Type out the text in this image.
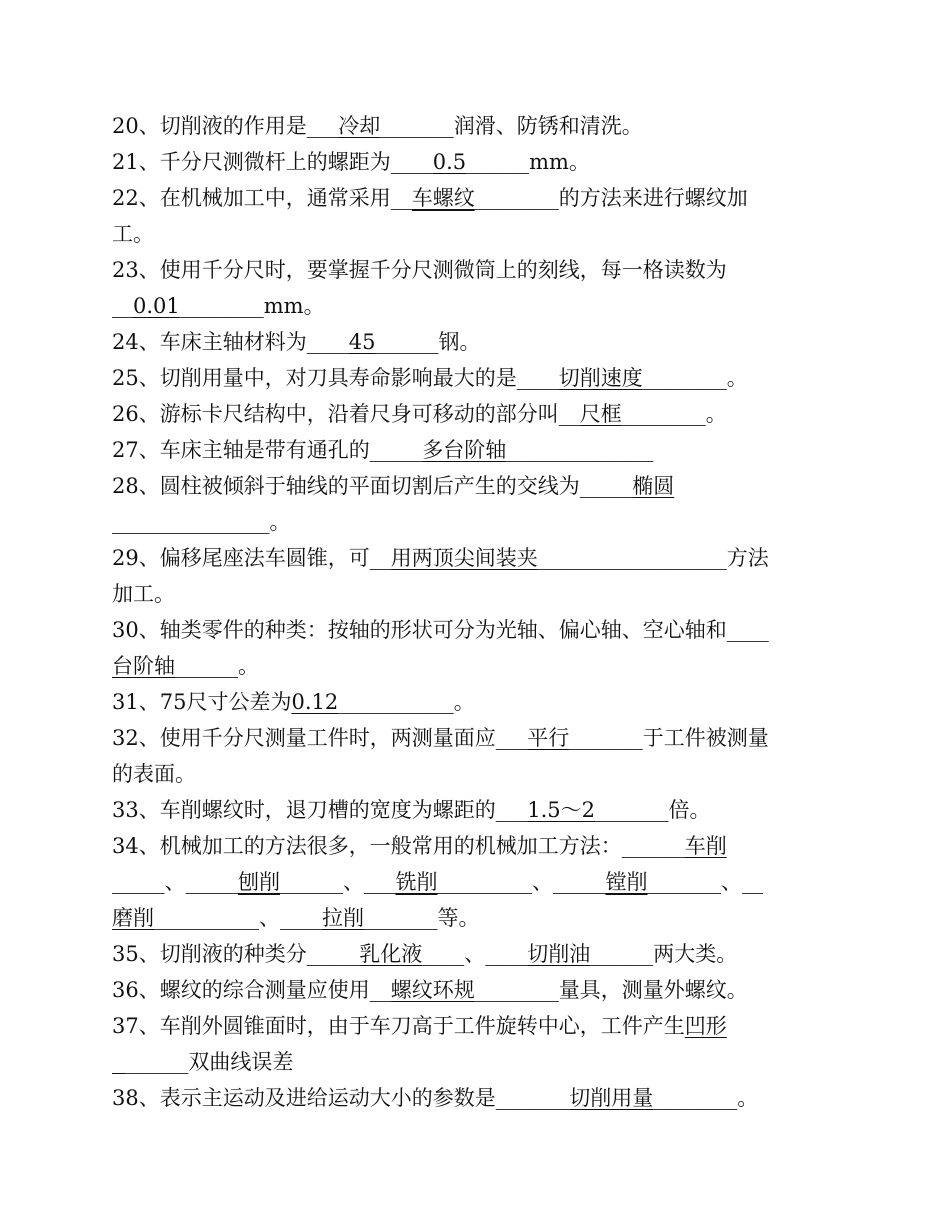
20、切削液的作用是___冷却_______润滑、防锈和清洗。
21、千分尺测微杆上的螺距为____0.5______mm。
22、在机械加工中，通常采用__车螺纹________的方法来进行螺纹加
工。
23、使用千分尺时，要掌握千分尺测微筒上的刻线，每一格读数为
__0.01________mm。
24、车床主轴材料为____45______钢。
25、切削用量中，对刀具寿命影响最大的是____切削速度________。
26、游标卡尺结构中，沿着尺身可移动的部分叫__尺框________。
27、车床主轴是带有通孔的_____多台阶轴______________
28、圆柱被倾斜于轴线的平面切割后产生的交线为_____椭圆
_______________。
29、偏移尾座法车圆锥，可__用两顶尖间装夹__________________方法
加工。
30、轴类零件的种类：按轴的形状可分为光轴、偏心轴、空心轴和____
台阶轴______。
31、75尺寸公差为0.12___________。
32、使用千分尺测量工件时，两测量面应___平行_______于工件被测量
的表面。
33、车削螺纹时，退刀槽的宽度为螺距的___1.5～2_______倍。
34、机械加工的方法很多，一般常用的机械加工方法：______车削
_____、_____刨削______、___铣削_________、_____镗削_______、__
磨削__________、____拉削_______等。
35、切削液的种类分_____乳化液____、____切削油______两大类。
36、螺纹的综合测量应使用__螺纹环规________量具，测量外螺纹。
37、车削外圆锥面时，由于车刀高于工件旋转中心，工件产生凹形
______双曲线误差
38、表示主运动及进给运动大小的参数是_______切削用量________。
